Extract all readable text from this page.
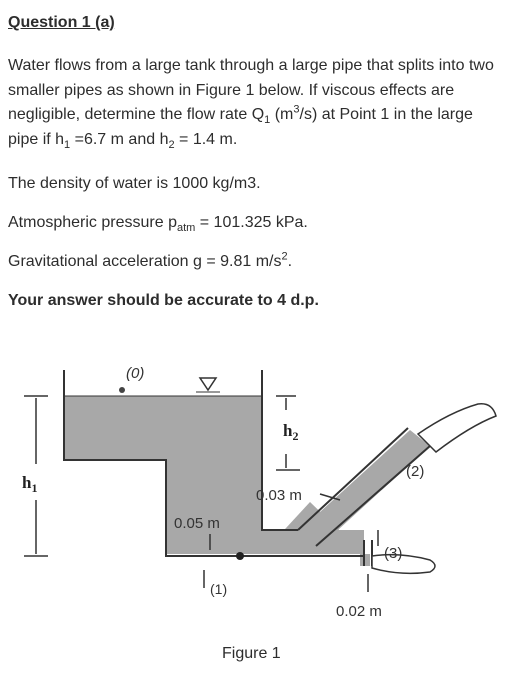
Question 1 (a)
Water flows from a large tank through a large pipe that splits into two smaller pipes as shown in Figure 1 below. If viscous effects are negligible, determine the flow rate $Q_1$ $(m^3/s)$ at Point 1 in the large pipe if $h_1 =6.7$ m and $h_2 = 1.4$ m.
The density of water is 1000 kg/m3.
Atmospheric pressure $p_{atm} = 101.325$ kPa.
Gravitational acceleration g = 9.81 $m/s^2$.
Your answer should be accurate to 4 d.p.
(0)
$h_2$
$h_1$
(2)
0.03 m
0.05 m
(3)
(1)
0.02 m
Figure 1
